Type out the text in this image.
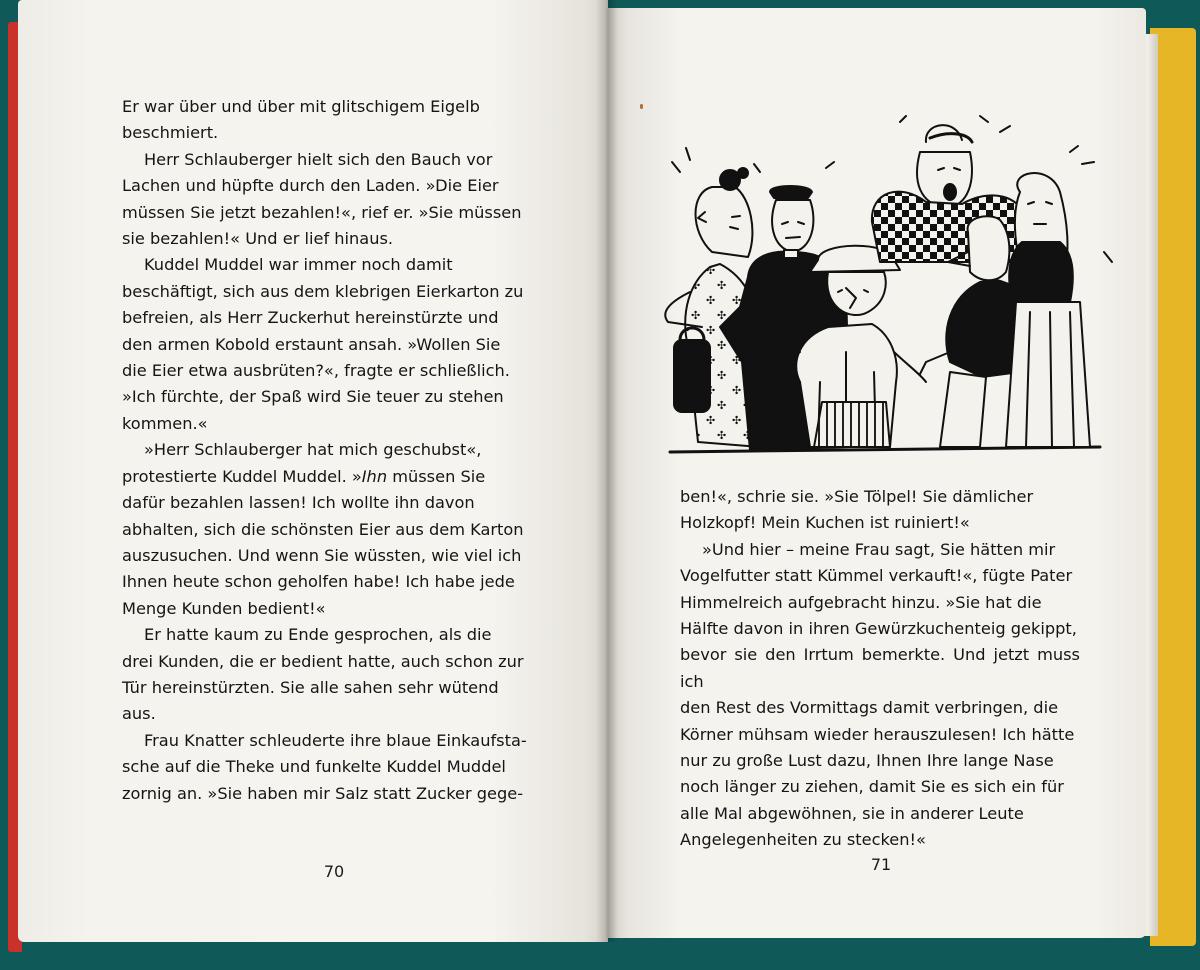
Er war über und über mit glitschigem Eigelb
beschmiert.

Herr Schlauberger hielt sich den Bauch vor
Lachen und hüpfte durch den Laden. »Die Eier
müssen Sie jetzt bezahlen!«, rief er. »Sie müssen
sie bezahlen!« Und er lief hinaus.

Kuddel Muddel war immer noch damit
beschäftigt, sich aus dem klebrigen Eierkarton zu
befreien, als Herr Zuckerhut hereinstürzte und
den armen Kobold erstaunt ansah. »Wollen Sie
die Eier etwa ausbrüten?«, fragte er schließlich.
»Ich fürchte, der Spaß wird Sie teuer zu stehen
kommen.«

»Herr Schlauberger hat mich geschubst«,
protestierte Kuddel Muddel. »Ihn müssen Sie
dafür bezahlen lassen! Ich wollte ihn davon
abhalten, sich die schönsten Eier aus dem Karton
auszusuchen. Und wenn Sie wüssten, wie viel ich
Ihnen heute schon geholfen habe! Ich habe jede
Menge Kunden bedient!«

Er hatte kaum zu Ende gesprochen, als die
drei Kunden, die er bedient hatte, auch schon zur
Tür hereinstürzten. Sie alle sahen sehr wütend
aus.

Frau Knatter schleuderte ihre blaue Einkaufsta-
sche auf die Theke und funkelte Kuddel Muddel
zornig an. »Sie haben mir Salz statt Zucker gege-

70

ben!«, schrie sie. »Sie Tölpel! Sie dämlicher
Holzkopf! Mein Kuchen ist ruiniert!«

»Und hier – meine Frau sagt, Sie hätten mir
Vogelfutter statt Kümmel verkauft!«, fügte Pater
Himmelreich aufgebracht hinzu. »Sie hat die
Hälfte davon in ihren Gewürzkuchenteig gekippt,
bevor sie den Irrtum bemerkte. Und jetzt muss ich
den Rest des Vormittags damit verbringen, die
Körner mühsam wieder herauszulesen! Ich hätte
nur zu große Lust dazu, Ihnen Ihre lange Nase
noch länger zu ziehen, damit Sie es sich ein für
alle Mal abgewöhnen, sie in anderer Leute
Angelegenheiten zu stecken!«

71
